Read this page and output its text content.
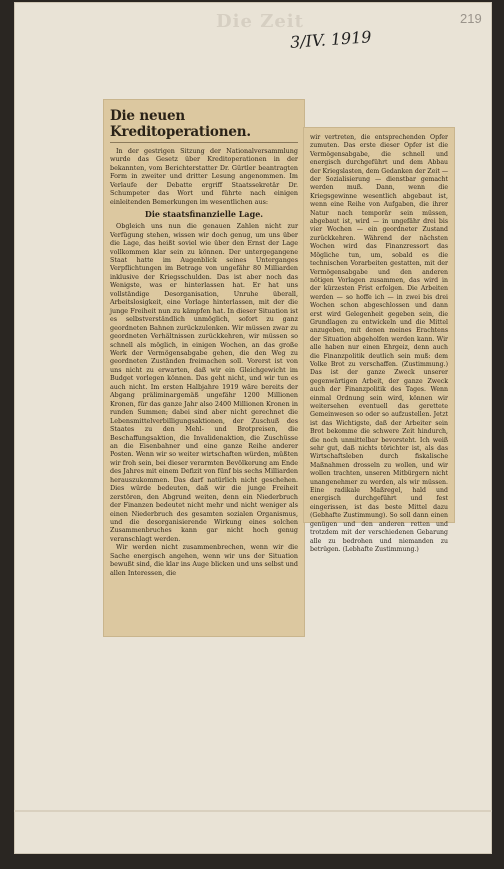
Die Zeit	219
3/IV. 1919
Die neuen Kreditoperationen.

In der gestrigen Sitzung der Nationalversammlung wurde das Gesetz über Kreditoperationen in der bekannten, vom Berichterstatter Dr. Gürtler beantragten Form in zweiter und dritter Lesung angenommen. Im Verlaufe der Debatte ergriff Staatssekretär Dr. Schumpeter das Wort und führte nach einigen einleitenden Bemerkungen im wesentlichen aus:

Die staatsfinanzielle Lage.

Obgleich uns nun die genauen Zahlen nicht zur Verfügung stehen, wissen wir doch genug, um uns über die Lage, das heißt soviel wie über den Ernst der Lage vollkommen klar sein zu können. Der untergegangene Staat hatte im Augenblick seines Unterganges Verpflichtungen im Betrage von ungefähr 80 Milliarden inklusive der Kriegsschulden. Das ist aber noch das Wenigste, was er hinterlassen hat. Er hat uns vollständige Desorganisation, Unruhe überall, Arbeitslosigkeit, eine Vorlage hinterlassen, mit der die junge Freiheit nun zu kämpfen hat. In dieser Situation ist es selbstverständlich unmöglich, sofort zu ganz geordneten Bahnen zurückzulenken. Wir müssen zwar zu geordneten Verhältnissen zurückkehren, wir müssen so schnell als möglich, in einigen Wochen, an das große Werk der Vermögensabgabe gehen, die den Weg zu geordneten Zuständen freimachen soll. Vorerst ist von uns nicht zu erwarten, daß wir ein Gleichgewicht im Budget vorlegen können. Das geht nicht, und wir tun es auch nicht. Im ersten Halbjahre 1919 wäre bereits der Abgang präliminargemäß ungefähr 1200 Millionen Kronen, für das ganze Jahr also 2400 Millionen Kronen in runden Summen; dabei sind aber nicht gerechnet die Lebensmittelverbilligungsaktionen, der Zuschuß des Staates zu den Mehl- und Brotpreisen, die Beschaffungsaktion, die Invalidenaktion, die Zuschüsse an die Eisenbahner und eine ganze Reihe anderer Posten. Wenn wir so weiter wirtschaften würden, müßten wir froh sein, bei dieser verarmten Bevölkerung am Ende des Jahres mit einem Defizit von fünf bis sechs Milliarden herauszukommen. Das darf natürlich nicht geschehen. Dies würde bedeuten, daß wir die junge Freiheit zerstören, den Abgrund weiten, denn ein Niederbruch der Finanzen bedeutet nicht mehr und nicht weniger als einen Niederbruch des gesamten sozialen Organismus, und die desorganisierende Wirkung eines solchen Zusammenbruches kann gar nicht hoch genug veranschlagt werden.

Wir werden nicht zusammenbrechen, wenn wir die Sache energisch angehen, wenn wir uns der Situation bewußt sind, die klar ins Auge blicken und uns selbst und allen Interessen, die

wir vertreten, die entsprechenden Opfer zumuten. Das erste dieser Opfer ist die Vermögensabgabe, die schnell und energisch durchgeführt und dem Abbau der Kriegslasten, dem Gedanken der Zeit — der Sozialisierung — dienstbar gemacht werden muß. Dann, wenn die Kriegsgewinne wesentlich abgebaut ist, wenn eine Reihe von Aufgaben, die ihrer Natur nach temporär sein müssen, abgebaut ist, wird — in ungefähr drei bis vier Wochen — ein geordneter Zustand zurückkehren. Während der nächsten Wochen wird das Finanzressort das Mögliche tun, um, sobald es die technischen Vorarbeiten gestatten, mit der Vermögensabgabe und den anderen nötigen Vorlagen zusammen, das wird in der kürzesten Frist erfolgen. Die Arbeiten werden — so hoffe ich — in zwei bis drei Wochen schon abgeschlossen und dann erst wird Gelegenheit gegeben sein, die Grundlagen zu entwickeln und die Mittel anzugeben, mit denen meines Erachtens der Situation abgeholfen werden kann. Wir alle haben nur einen Ehrgeiz, denn auch die Finanzpolitik deutlich sein muß: dem Volke Brot zu verschaffen. (Zustimmung.) Das ist der ganze Zweck unserer gegenwärtigen Arbeit, der ganze Zweck auch der Finanzpolitik des Tages. Wenn einmal Ordnung sein wird, können wir weitersehen eventuell das gerettete Gemeinwesen so oder so aufzustellen. Jetzt ist das Wichtigste, daß der Arbeiter sein Brot bekomme die schwere Zeit hindurch, die noch unmittelbar bevorsteht. Ich weiß sehr gut, daß nichts törichter ist, als das Wirtschaftsleben durch fiskalische Maßnahmen drosseln zu wollen, und wir wollen trachten, unseren Mitbürgern nicht unangenehmer zu werden, als wir müssen. Eine radikale Maßregel, hald und energisch durchgeführt und fest eingerissen, ist das beste Mittel dazu (Gebhafte Zustimmung). So soll dann einen genügen und den anderen retten und trotzdem mit der verschiedenen Gebarung alle zu bedrohen und niemanden zu betrügen. (Lebhafte Zustimmung.)
